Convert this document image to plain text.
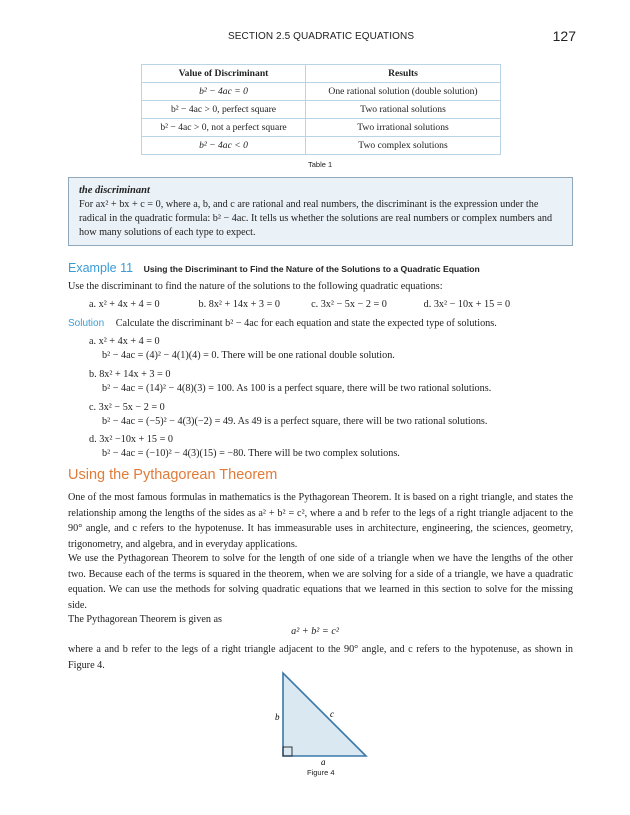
SECTION 2.5 QUADRATIC EQUATIONS	127
Value of Discriminant	Results
b² − 4ac = 0	One rational solution (double solution)
b² − 4ac > 0, perfect square	Two rational solutions
b² − 4ac > 0, not a perfect square	Two irrational solutions
b² − 4ac < 0	Two complex solutions
Table 1
the discriminant
For ax² + bx + c = 0, where a, b, and c are rational and real numbers, the discriminant is the expression under the radical in the quadratic formula: b² − 4ac. It tells us whether the solutions are real numbers or complex numbers and how many solutions of each type to expect.
Example 11 Using the Discriminant to Find the Nature of the Solutions to a Quadratic Equation
Use the discriminant to find the nature of the solutions to the following quadratic equations:
a. x² + 4x + 4 = 0	b. 8x² + 14x + 3 = 0	c. 3x² − 5x − 2 = 0	d. 3x² − 10x + 15 = 0
Solution Calculate the discriminant b² − 4ac for each equation and state the expected type of solutions.
a. x² + 4x + 4 = 0
b² − 4ac = (4)² − 4(1)(4) = 0. There will be one rational double solution.
b. 8x² + 14x + 3 = 0
b² − 4ac = (14)² − 4(8)(3) = 100. As 100 is a perfect square, there will be two rational solutions.
c. 3x² − 5x − 2 = 0
b² − 4ac = (−5)² − 4(3)(−2) = 49. As 49 is a perfect square, there will be two rational solutions.
d. 3x² −10x + 15 = 0
b² − 4ac = (−10)² − 4(3)(15) = −80. There will be two complex solutions.
Using the Pythagorean Theorem
One of the most famous formulas in mathematics is the Pythagorean Theorem. It is based on a right triangle, and states the relationship among the lengths of the sides as a² + b² = c², where a and b refer to the legs of a right triangle adjacent to the 90° angle, and c refers to the hypotenuse. It has immeasurable uses in architecture, engineering, the sciences, geometry, trigonometry, and algebra, and in everyday applications.
We use the Pythagorean Theorem to solve for the length of one side of a triangle when we have the lengths of the other two. Because each of the terms is squared in the theorem, when we are solving for a side of a triangle, we have a quadratic equation. We can use the methods for solving quadratic equations that we learned in this section to solve for the missing side.
The Pythagorean Theorem is given as
a² + b² = c²
where a and b refer to the legs of a right triangle adjacent to the 90° angle, and c refers to the hypotenuse, as shown in Figure 4.
b	c
a
Figure 4
